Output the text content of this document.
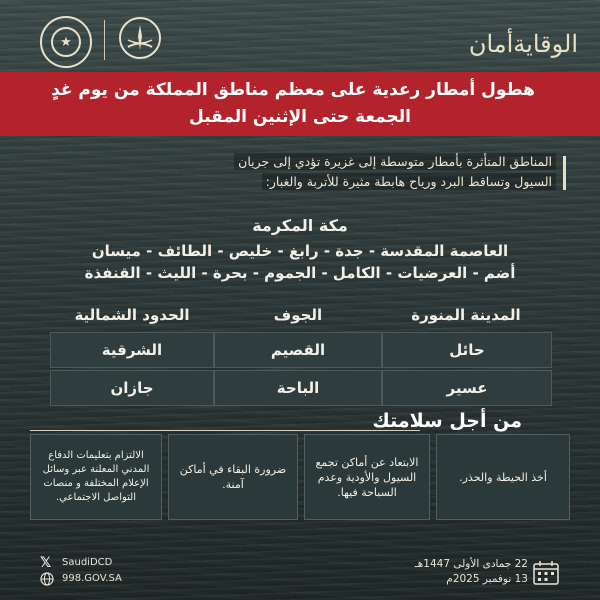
★	الوقايةأمان
هطول أمطار رعدية على معظم مناطق المملكة من يوم غدٍ
الجمعة حتى الإثنين المقبل
المناطق المتأثرة بأمطار متوسطة إلى غزيرة تؤدي إلى جريان
السيول وتساقط البرد ورياح هابطة مثيرة للأتربة والغبار:
مكة المكرمة
العاصمة المقدسة - جدة - رابغ - خليص - الطائف - ميسان
أضم - العرضيات - الكامل - الجموم - بحرة - الليث - القنفذة
المدينة المنورة
الجوف
الحدود الشمالية
حائل
القصيم
الشرقية
عسير
الباحة
جازان
من أجل سلامتك
أخذ الحيطة والحذر.
الابتعاد عن أماكن تجمع السيول والأودية وعدم السباحة فيها.
ضرورة البقاء في أماكن آمنة.
الالتزام بتعليمات الدفاع المدني المعلنة عبر وسائل الإعلام المختلفة و منصات التواصل الاجتماعي.
𝕏 SaudiDCD
998.GOV.SA
22 جمادى الأولى 1447هـ
13 نوفمبر 2025م
